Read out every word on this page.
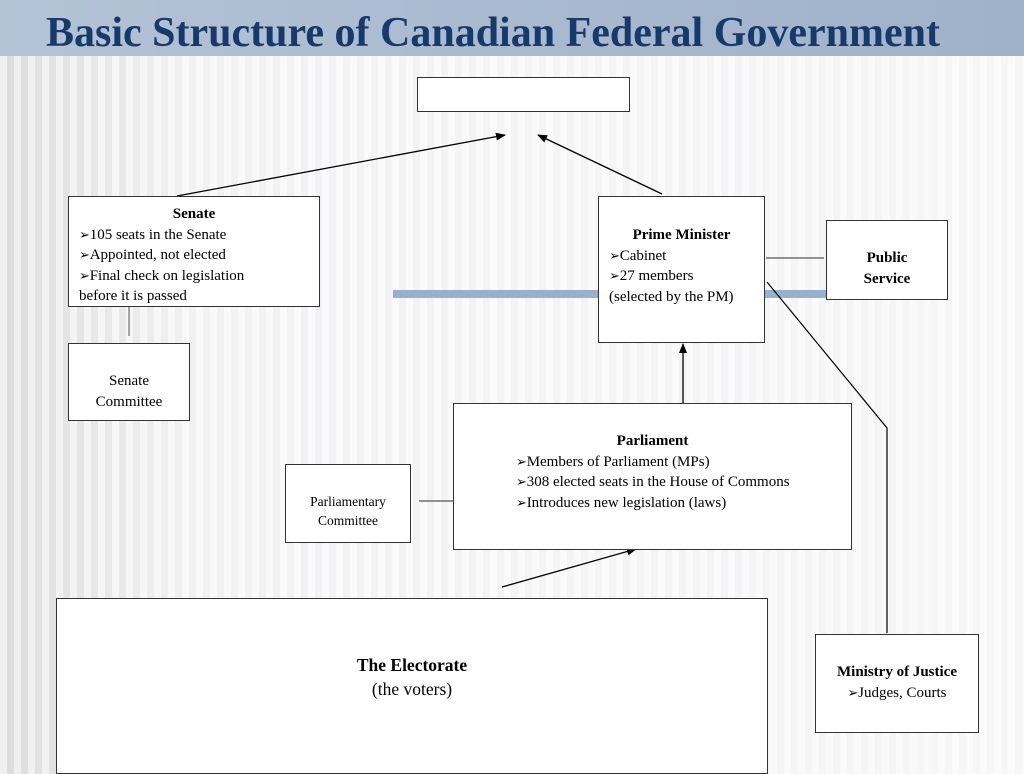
Basic Structure of Canadian Federal Government
Senate
➢105 seats in the Senate
➢Appointed, not elected
➢Final check on legislation
before it is passed
Senate
Committee
Prime Minister
➢Cabinet
➢27 members
(selected by the PM)
Public
Service
Parliament
➢Members of Parliament (MPs)
➢308 elected seats in the House of Commons
➢Introduces new legislation (laws)
Parliamentary
Committee
The Electorate
(the voters)
Ministry of Justice
➢Judges, Courts
